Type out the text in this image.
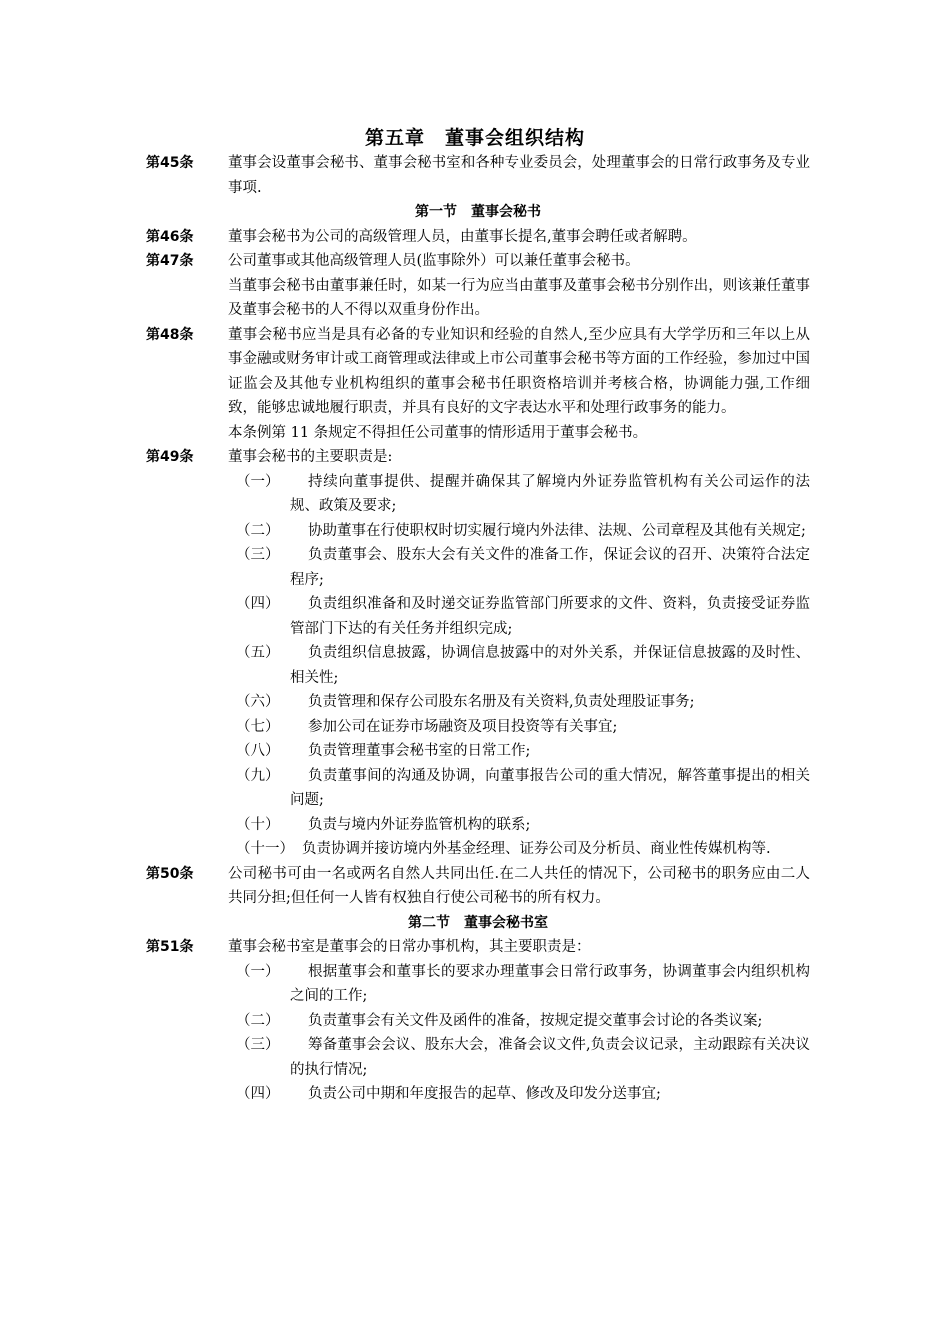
第五章　董事会组织结构
第45条	董事会设董事会秘书、董事会秘书室和各种专业委员会，处理董事会的日常行政事务及专业事项.
第一节　董事会秘书
第46条	董事会秘书为公司的高级管理人员，由董事长提名,董事会聘任或者解聘。
第47条	公司董事或其他高级管理人员(监事除外）可以兼任董事会秘书。
当董事会秘书由董事兼任时，如某一行为应当由董事及董事会秘书分别作出，则该兼任董事及董事会秘书的人不得以双重身份作出。
第48条	董事会秘书应当是具有必备的专业知识和经验的自然人,至少应具有大学学历和三年以上从事金融或财务审计或工商管理或法律或上市公司董事会秘书等方面的工作经验，参加过中国证监会及其他专业机构组织的董事会秘书任职资格培训并考核合格，协调能力强,工作细致，能够忠诚地履行职责，并具有良好的文字表达水平和处理行政事务的能力。
本条例第 11 条规定不得担任公司董事的情形适用于董事会秘书。
第49条	董事会秘书的主要职责是:
（一）	持续向董事提供、提醒并确保其了解境内外证券监管机构有关公司运作的法规、政策及要求;
（二）	协助董事在行使职权时切实履行境内外法律、法规、公司章程及其他有关规定;
（三）	负责董事会、股东大会有关文件的准备工作，保证会议的召开、决策符合法定程序;
（四）	负责组织准备和及时递交证券监管部门所要求的文件、资料，负责接受证券监管部门下达的有关任务并组织完成;
（五）	负责组织信息披露，协调信息披露中的对外关系，并保证信息披露的及时性、相关性;
（六）	负责管理和保存公司股东名册及有关资料,负责处理股证事务;
（七）	参加公司在证券市场融资及项目投资等有关事宜;
（八）	负责管理董事会秘书室的日常工作;
（九）	负责董事间的沟通及协调，向董事报告公司的重大情况，解答董事提出的相关问题;
（十）	负责与境内外证券监管机构的联系;
（十一） 负责协调并接访境内外基金经理、证券公司及分析员、商业性传媒机构等.
第50条	公司秘书可由一名或两名自然人共同出任.在二人共任的情况下，公司秘书的职务应由二人共同分担;但任何一人皆有权独自行使公司秘书的所有权力。
第二节　董事会秘书室
第51条	董事会秘书室是董事会的日常办事机构，其主要职责是：
（一）	根据董事会和董事长的要求办理董事会日常行政事务，协调董事会内组织机构之间的工作;
（二）	负责董事会有关文件及函件的准备，按规定提交董事会讨论的各类议案;
（三）	筹备董事会会议、股东大会，准备会议文件,负责会议记录，主动跟踪有关决议的执行情况;
（四）	负责公司中期和年度报告的起草、修改及印发分送事宜;
